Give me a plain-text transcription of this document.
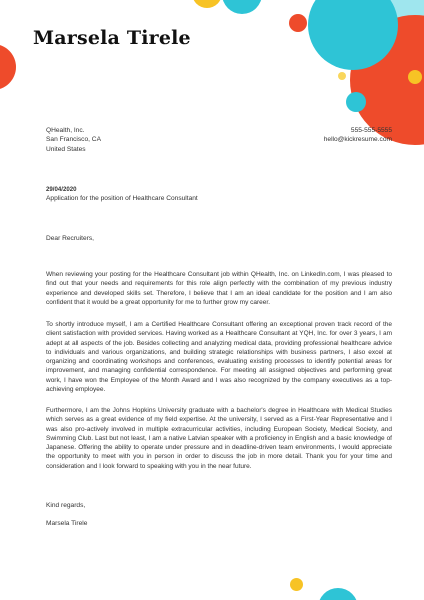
Marsela Tirele
QHealth, Inc.
San Francisco, CA
United States
555-555-5555
hello@kickresume.com
29/04/2020
Application for the position of Healthcare Consultant
Dear Recruiters,

When reviewing your posting for the Healthcare Consultant job within QHealth, Inc. on LinkedIn.com, I was pleased to find out that your needs and requirements for this role align perfectly with the combination of my previous industry experience and developed skills set. Therefore, I believe that I am an ideal candidate for the position and I am also confident that it would be a great opportunity for me to further grow my career.

To shortly introduce myself, I am a Certified Healthcare Consultant offering an exceptional proven track record of the client satisfaction with provided services. Having worked as a Healthcare Consultant at YQH, Inc. for over 3 years, I am adept at all aspects of the job. Besides collecting and analyzing medical data, providing professional healthcare advice to individuals and various organizations, and building strategic relationships with business partners, I also excel at organizing and coordinating workshops and conferences, evaluating existing processes to identify potential areas for improvement, and managing confidential correspondence. For meeting all assigned objectives and performing great work, I have won the Employee of the Month Award and I was also recognized by the company executives as a top-achieving employee.

Furthermore, I am the Johns Hopkins University graduate with a bachelor's degree in Healthcare with Medical Studies which serves as a great evidence of my field expertise. At the university, I served as a First-Year Representative and I was also pro-actively involved in multiple extracurricular activities, including European Society, Medical Society, and Swimming Club. Last but not least, I am a native Latvian speaker with a proficiency in English and a basic knowledge of Japanese. Offering the ability to operate under pressure and in deadline-driven team environments, I would appreciate the opportunity to meet with you in person in order to discuss the job in more detail. Thank you for your time and consideration and I look forward to speaking with you in the near future.

Kind regards,
Marsela Tirele
